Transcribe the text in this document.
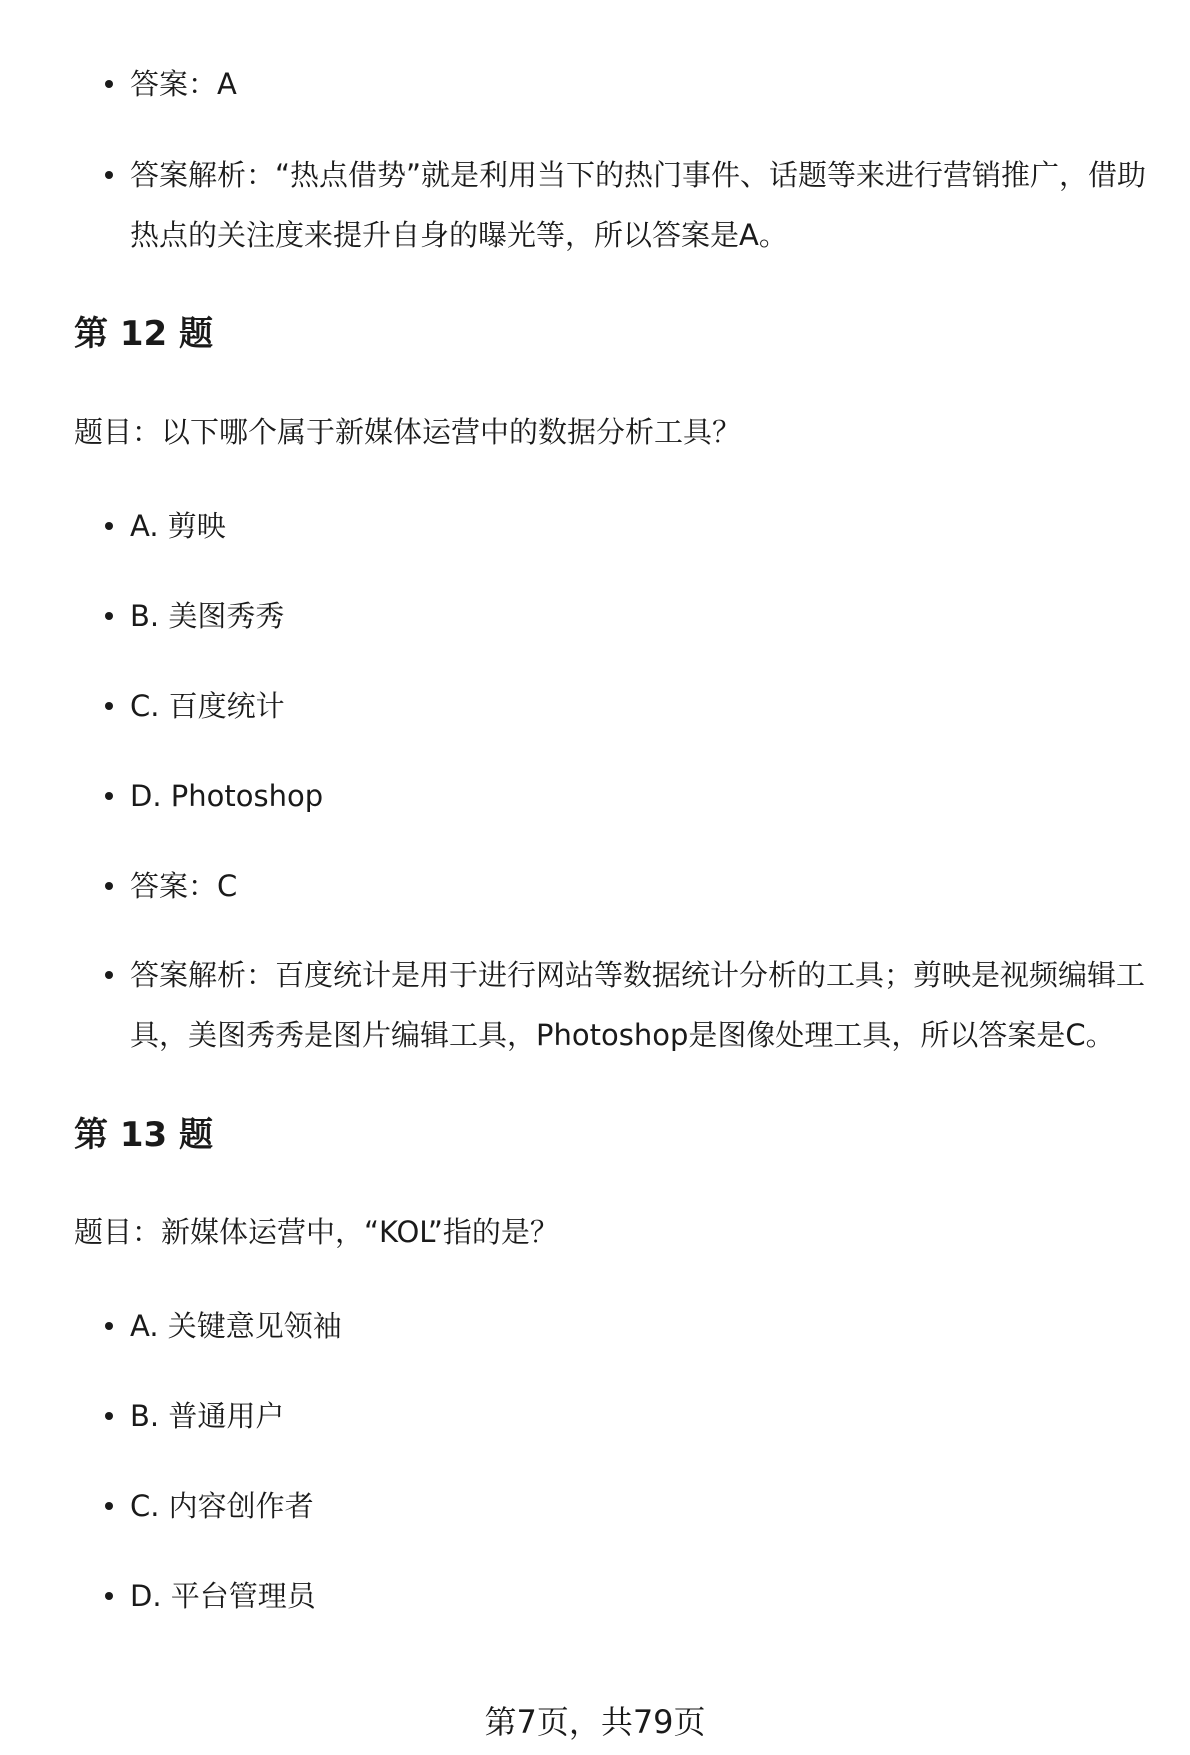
答案：A
答案解析：“热点借势”就是利用当下的热门事件、话题等来进行营销推广，借助热点的关注度来提升自身的曝光等，所以答案是A。
第 12 题

题目：以下哪个属于新媒体运营中的数据分析工具？

A. 剪映
B. 美图秀秀
C. 百度统计
D. Photoshop
答案：C
答案解析：百度统计是用于进行网站等数据统计分析的工具；剪映是视频编辑工具，美图秀秀是图片编辑工具，Photoshop是图像处理工具，所以答案是C。
第 13 题

题目：新媒体运营中，“KOL”指的是？

A. 关键意见领袖
B. 普通用户
C. 内容创作者
D. 平台管理员
第7页，共79页
